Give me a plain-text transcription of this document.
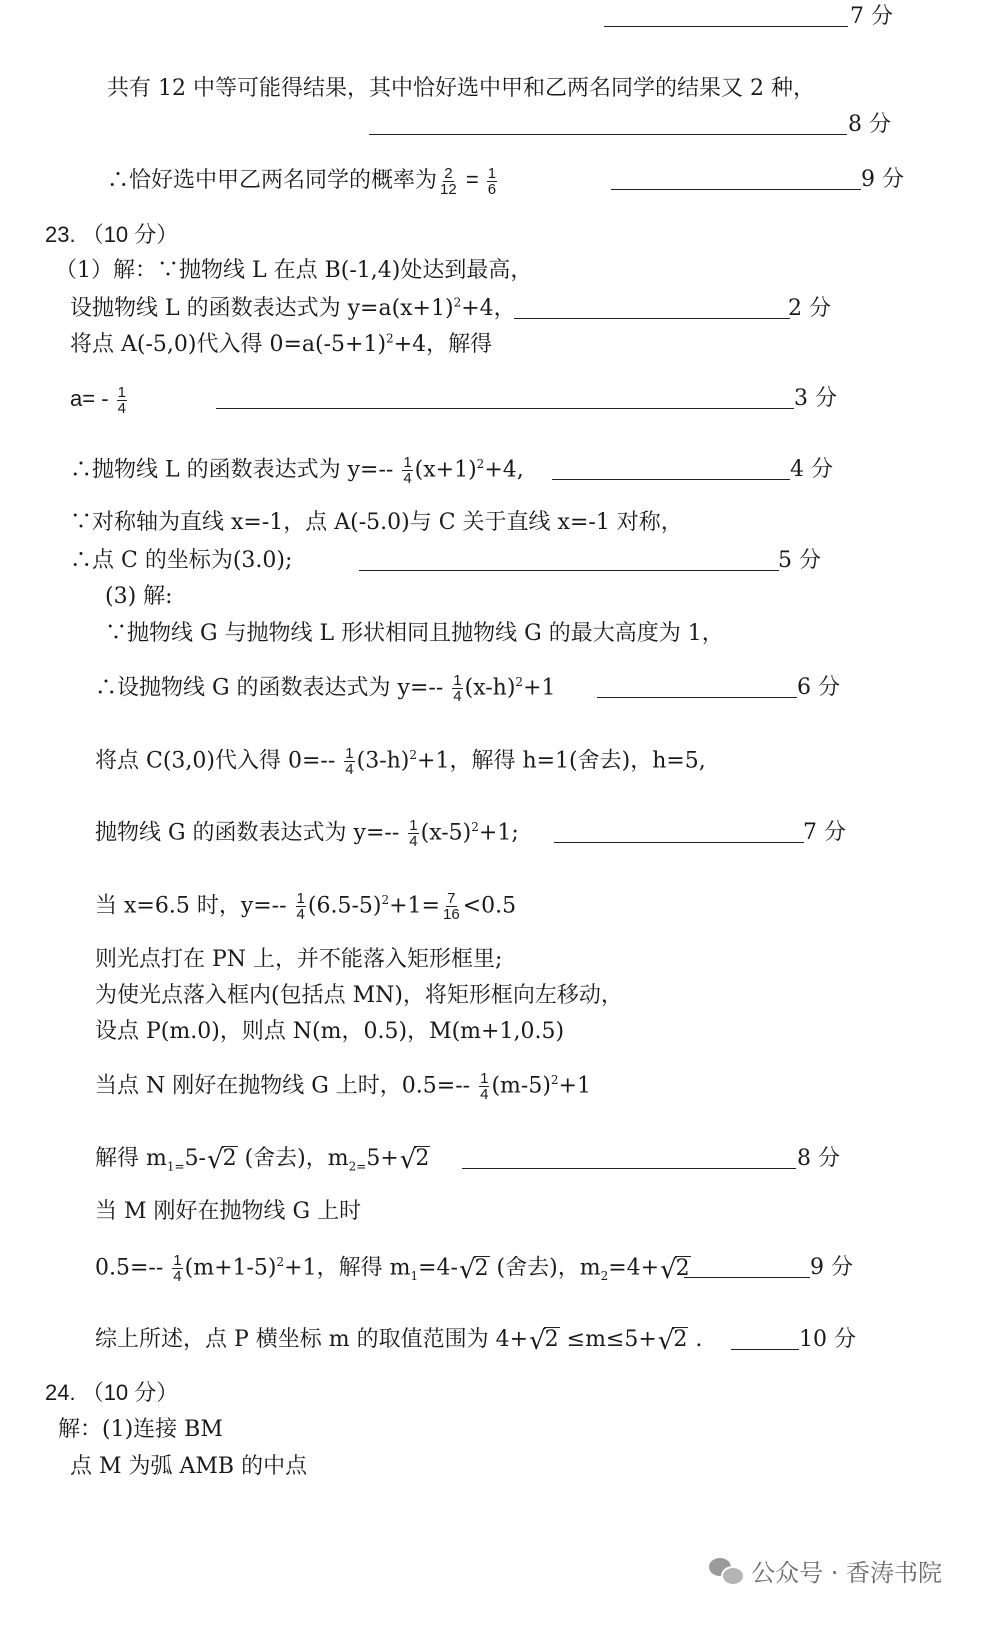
7 分
共有 12 中等可能得结果，其中恰好选中甲和乙两名同学的结果又 2 种，
8 分
∴恰好选中甲乙两名同学的概率为 $\frac{2}{12} = \frac{1}{6}$	9 分
23. （10 分）
（1）解：∵抛物线 L 在点 B(-1,4)处达到最高，
设抛物线 L 的函数表达式为 $y=a(x+1)^2+4$，	2 分
将点 A(-5,0)代入得 $0=a(-5+1)^2+4$，解得
$a= - \frac{1}{4}$	3 分
∴抛物线 L 的函数表达式为 $y=-- \frac{1}{4} (x+1)^2+4$,	4 分
∵对称轴为直线 x=-1，点 A(-5.0)与 C 关于直线 x=-1 对称，
∴点 C 的坐标为(3.0);	5 分
(3) 解:
∵抛物线 G 与抛物线 L 形状相同且抛物线 G 的最大高度为 1，
∴设抛物线 G 的函数表达式为 $y=-- \frac{1}{4} (x-h)^2+1$	6 分
将点 C(3,0)代入得 $0=-- \frac{1}{4} (3-h)^2+1$，解得 h=1(舍去)，h=5,
抛物线 G 的函数表达式为 $y=-- \frac{1}{4} (x-5)^2+1$;	7 分
当 x=6.5 时，$y=-- \frac{1}{4} (6.5-5)^2+1= \frac{7}{16} <0.5$
则光点打在 PN 上，并不能落入矩形框里;
为使光点落入框内(包括点 MN)，将矩形框向左移动，
设点 P(m.0)，则点 N(m，0.5)，M(m+1,0.5)
当点 N 刚好在抛物线 G 上时，$0.5=-- \frac{1}{4} (m-5)^2+1$
解得 $m_{1=}5-√2$ (舍去)，$m_{2=}5+√2$	8 分
当 M 刚好在抛物线 G 上时
$0.5=-- \frac{1}{4} (m+1-5)^2+1$，解得 $m_1=4-√2$ (舍去)，$m_2=4+√2$	9 分
综上所述，点 P 横坐标 m 的取值范围为 4+√2 ≤m≤5+√2 .	10 分
24. （10 分）
解：(1)连接 BM
点 M 为弧 AMB 的中点
公众号 · 香涛书院
